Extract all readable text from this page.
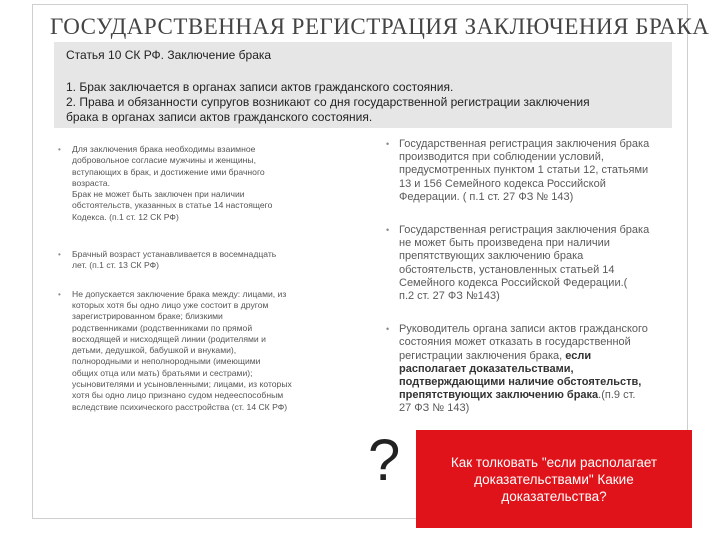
ГОСУДАРСТВЕННАЯ РЕГИСТРАЦИЯ ЗАКЛЮЧЕНИЯ БРАКА
Статья 10 СК РФ. Заключение брака
1. Брак заключается в органах записи актов гражданского состояния.
2. Права и обязанности супругов возникают со дня государственной регистрации заключения
брака в органах записи актов гражданского состояния.
• Для заключения брака необходимы взаимное

добровольное согласие мужчины и женщины,

вступающих в брак, и достижение ими брачного

возраста.

Брак не может быть заключен при наличии

обстоятельств, указанных в статье 14 настоящего

Кодекса. (п.1 ст. 12 СК РФ)

• Брачный возраст устанавливается в восемнадцать

лет. (п.1 ст. 13 СК РФ)

• Не допускается заключение брака между: лицами, из

которых хотя бы одно лицо уже состоит в другом

зарегистрированном браке; близкими

родственниками (родственниками по прямой

восходящей и нисходящей линии (родителями и

детьми, дедушкой, бабушкой и внуками),

полнородными и неполнородными (имеющими

общих отца или мать) братьями и сестрами);

усыновителями и усыновленными; лицами, из которых

хотя бы одно лицо признано судом недееспособным

вследствие психического расстройства (ст. 14 СК РФ)

• Государственная регистрация заключения брака

производится при соблюдении условий,

предусмотренных пунктом 1 статьи 12, статьями

13 и 156 Семейного кодекса Российской

Федерации. ( п.1 ст. 27 ФЗ № 143)

• Государственная регистрация заключения брака

не может быть произведена при наличии

препятствующих заключению брака

обстоятельств, установленных статьей 14

Семейного кодекса Российской Федерации.(

п.2 ст. 27 ФЗ №143)

• Руководитель органа записи актов гражданского

состояния может отказать в государственной

регистрации заключения брака, если

располагает доказательствами,

подтверждающими наличие обстоятельств,

препятствующих заключению брака.(п.9 ст.

27 ФЗ № 143)

?	Как толковать "если располагает
доказательствами" Какие
доказательства?
